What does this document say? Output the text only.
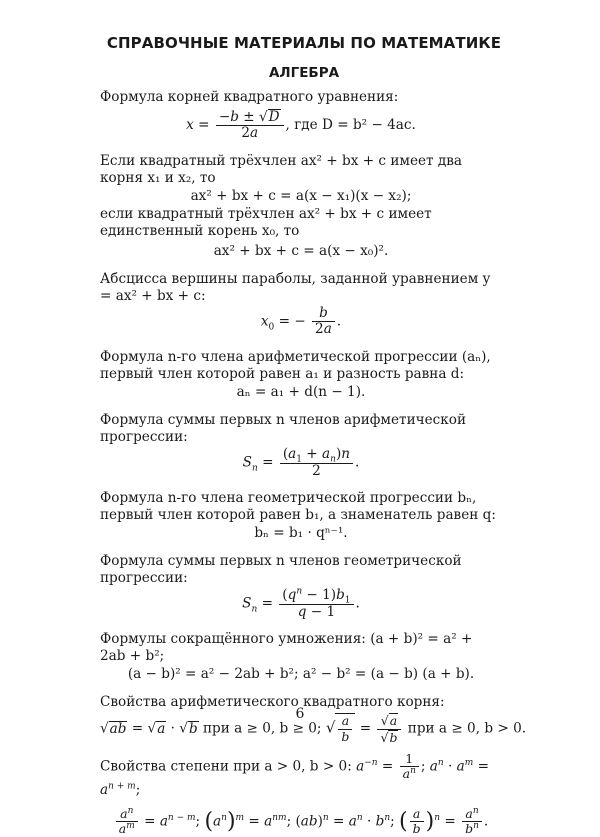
СПРАВОЧНЫЕ МАТЕРИАЛЫ ПО МАТЕМАТИКЕ
АЛГЕБРА
Формула корней квадратного уравнения:
$x = \frac{-b \pm √D}{2a}$ , где D = b² − 4ac.
Если квадратный трёхчлен ax² + bx + c имеет два корня x₁ и x₂, то
ax² + bx + c = a(x − x₁)(x − x₂);
если квадратный трёхчлен ax² + bx + c имеет единственный корень x₀, то
ax² + bx + c = a(x − x₀)².
Абсцисса вершины параболы, заданной уравнением y = ax² + bx + c:
$x_0$ = − $\frac{b}{2a}$ .
Формула n-го члена арифметической прогрессии (aₙ), первый член которой равен a₁ и разность равна d:
aₙ = a₁ + d(n − 1).
Формула суммы первых n членов арифметической прогрессии:
$S_n = \frac{(a_1 + a_n)n}{2}$ .
Формула n-го члена геометрической прогрессии bₙ, первый член которой равен b₁, а знаменатель равен q:
bₙ = b₁ · qⁿ⁻¹.
Формула суммы первых n членов геометрической прогрессии:
$S_n = \frac{(q^n - 1)b_1}{q - 1}$ .
Формулы сокращённого умножения: (a + b)² = a² + 2ab + b²;
(a − b)² = a² − 2ab + b²; a² − b² = (a − b) (a + b).
Свойства арифметического квадратного корня:
√ab = √a · √b при a ≥ 0, b ≥ 0; √ $\frac{a}{b} = \frac{√a}{√b}$ при a ≥ 0, b > 0.
Свойства степени при a > 0, b > 0: $a^{-n} = \frac{1}{a^n}$ ; $a^n \cdot a^m = a^{n + m}$;
$\frac{a^n}{a^m} = a^{n - m}$; $(a^n)^m = a^{nm}$; $(ab)^n = a^n \cdot b^n$; ( $\frac{a}{b} )^n = \frac{a^n}{b^n}$ .
6
